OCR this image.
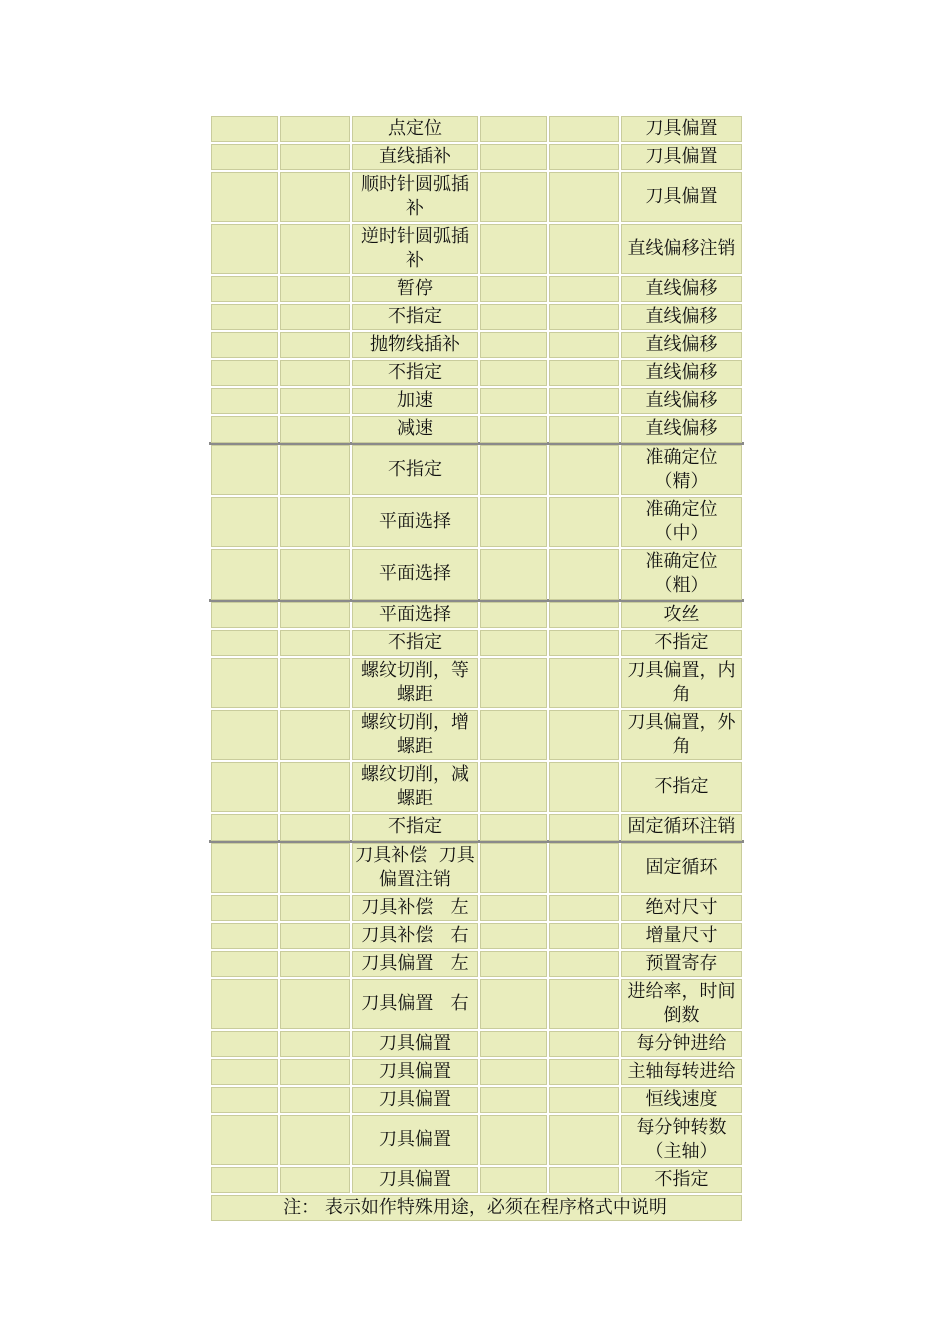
		点定位			刀具偏置
		直线插补			刀具偏置
		顺时针圆弧插补			刀具偏置
		逆时针圆弧插补			直线偏移注销
		暂停			直线偏移
		不指定			直线偏移
		抛物线插补			直线偏移
		不指定			直线偏移
		加速			直线偏移
		减速			直线偏移
		不指定			准确定位（精）
		平面选择			准确定位（中）
		平面选择			准确定位（粗）
		平面选择			攻丝
		不指定			不指定
		螺纹切削，等螺距			刀具偏置，内角
		螺纹切削，增螺距			刀具偏置，外角
		螺纹切削，减螺距			不指定
		不指定			固定循环注销
		刀具补偿  刀具偏置注销			固定循环
		刀具补偿   左			绝对尺寸
		刀具补偿   右			增量尺寸
		刀具偏置   左			预置寄存
		刀具偏置   右			进给率，时间倒数
		刀具偏置			每分钟进给
		刀具偏置			主轴每转进给
		刀具偏置			恒线速度
		刀具偏置			每分钟转数（主轴）
		刀具偏置			不指定
注： 表示如作特殊用途，必须在程序格式中说明					
